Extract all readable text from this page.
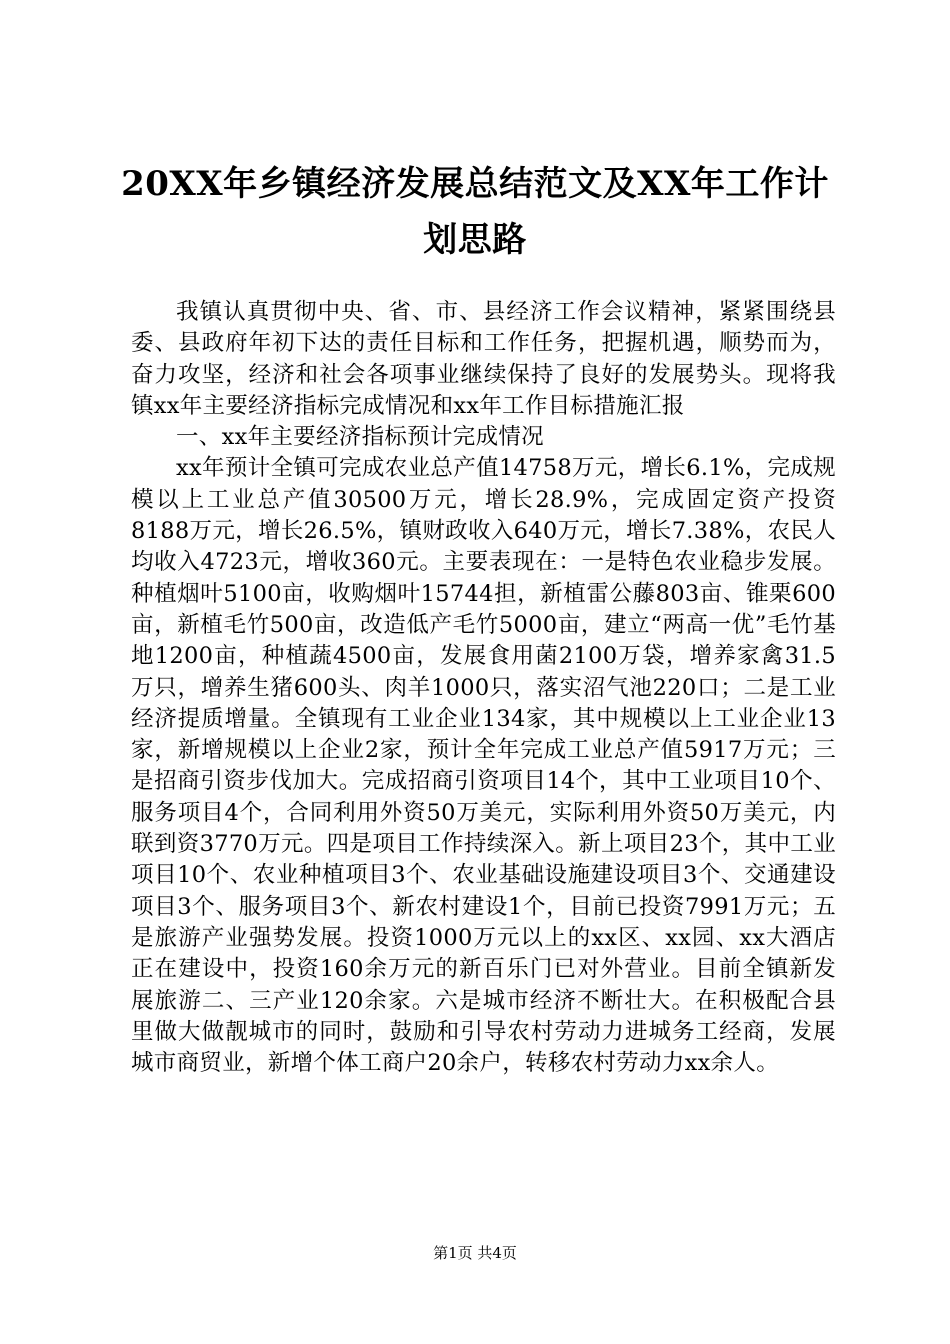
20XX年乡镇经济发展总结范文及XX年工作计
划思路

我镇认真贯彻中央、省、市、县经济工作会议精神，紧紧围绕县委、县政府年初下达的责任目标和工作任务，把握机遇，顺势而为，奋力攻坚，经济和社会各项事业继续保持了良好的发展势头。现将我镇xx年主要经济指标完成情况和xx年工作目标措施汇报

一、xx年主要经济指标预计完成情况

xx年预计全镇可完成农业总产值14758万元，增长6.1%，完成规模以上工业总产值30500万元，增长28.9%，完成固定资产投资8188万元，增长26.5%，镇财政收入640万元，增长7.38%，农民人均收入4723元，增收360元。主要表现在：一是特色农业稳步发展。种植烟叶5100亩，收购烟叶15744担，新植雷公藤803亩、锥栗600亩，新植毛竹500亩，改造低产毛竹5000亩，建立“两高一优”毛竹基地1200亩，种植蔬4500亩，发展食用菌2100万袋，增养家禽31.5万只，增养生猪600头、肉羊1000只，落实沼气池220口；二是工业经济提质增量。全镇现有工业企业134家，其中规模以上工业企业13家，新增规模以上企业2家，预计全年完成工业总产值5917万元；三是招商引资步伐加大。完成招商引资项目14个，其中工业项目10个、服务项目4个，合同利用外资50万美元，实际利用外资50万美元，内联到资3770万元。四是项目工作持续深入。新上项目23个，其中工业项目10个、农业种植项目3个、农业基础设施建设项目3个、交通建设项目3个、服务项目3个、新农村建设1个，目前已投资7991万元；五是旅游产业强势发展。投资1000万元以上的xx区、xx园、xx大酒店正在建设中，投资160余万元的新百乐门已对外营业。目前全镇新发展旅游二、三产业120余家。六是城市经济不断壮大。在积极配合县里做大做靓城市的同时，鼓励和引导农村劳动力进城务工经商，发展城市商贸业，新增个体工商户20余户，转移农村劳动力xx余人。

第1页 共4页
